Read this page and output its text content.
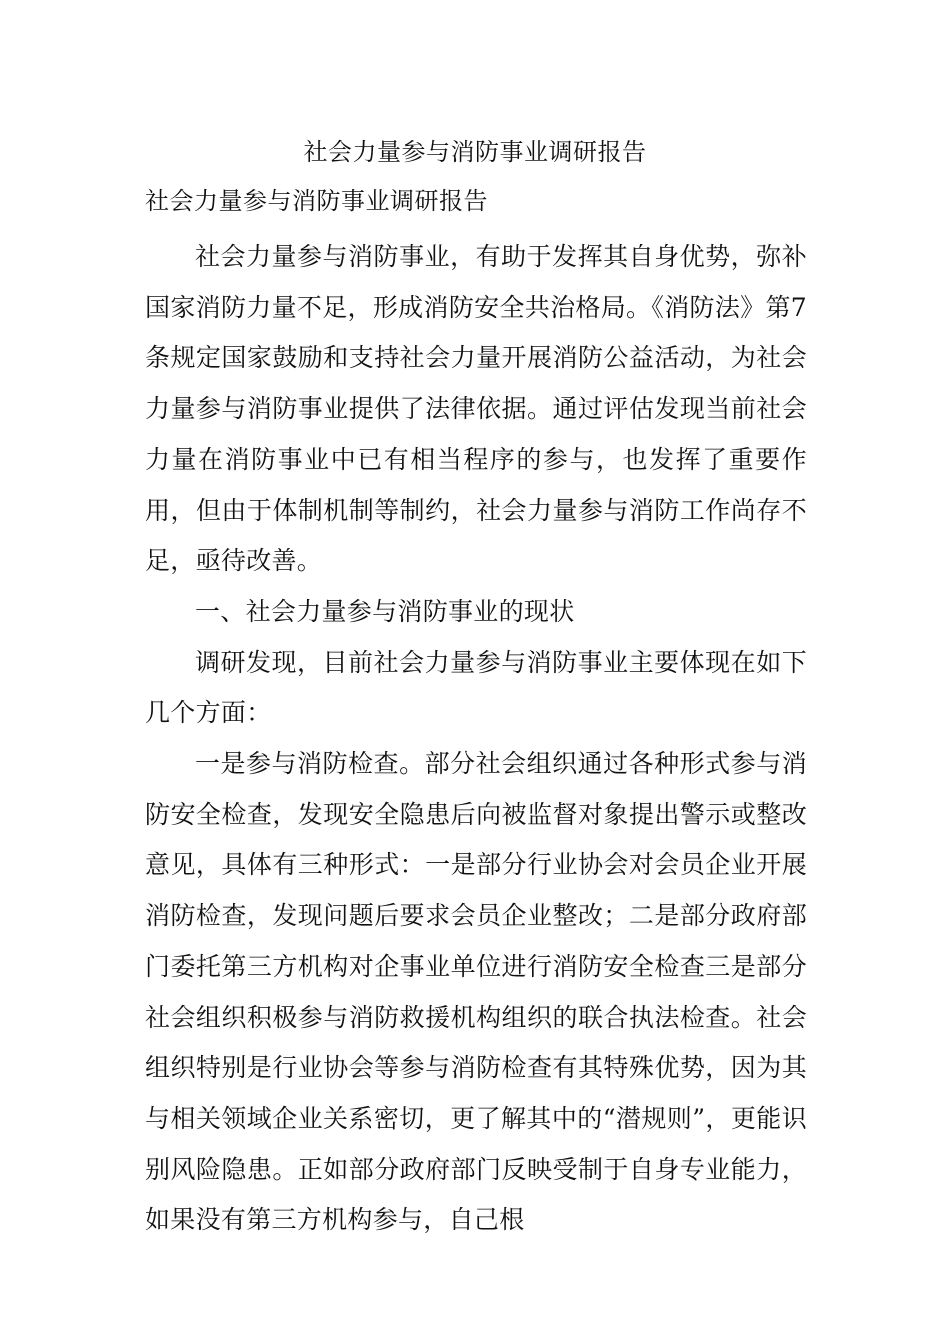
社会力量参与消防事业调研报告
社会力量参与消防事业调研报告

社会力量参与消防事业，有助于发挥其自身优势，弥补国家消防力量不足，形成消防安全共治格局。《消防法》第7条规定国家鼓励和支持社会力量开展消防公益活动，为社会力量参与消防事业提供了法律依据。通过评估发现当前社会力量在消防事业中已有相当程序的参与，也发挥了重要作用，但由于体制机制等制约，社会力量参与消防工作尚存不足，亟待改善。

一、社会力量参与消防事业的现状

调研发现，目前社会力量参与消防事业主要体现在如下几个方面：

一是参与消防检查。部分社会组织通过各种形式参与消防安全检查，发现安全隐患后向被监督对象提出警示或整改意见，具体有三种形式：一是部分行业协会对会员企业开展消防检查，发现问题后要求会员企业整改；二是部分政府部门委托第三方机构对企事业单位进行消防安全检查三是部分社会组织积极参与消防救援机构组织的联合执法检查。社会组织特别是行业协会等参与消防检查有其特殊优势，因为其与相关领域企业关系密切，更了解其中的“潜规则”，更能识别风险隐患。正如部分政府部门反映受制于自身专业能力，如果没有第三方机构参与，自己根
